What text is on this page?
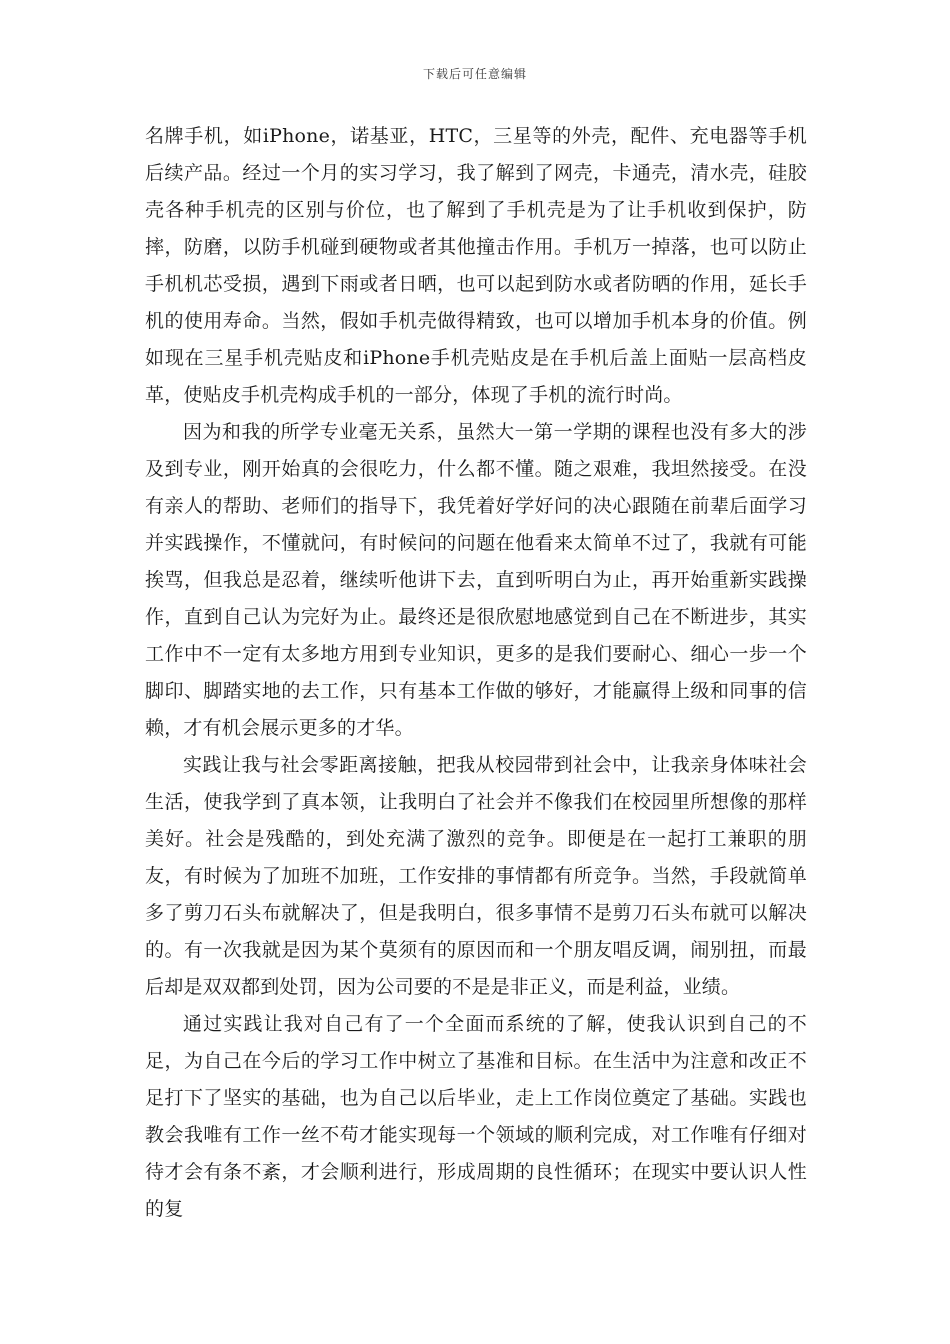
下载后可任意编辑

名牌手机，如iPhone，诺基亚，HTC，三星等的外壳，配件、充电器等手机后续产品。经过一个月的实习学习，我了解到了网壳，卡通壳，清水壳，硅胶壳各种手机壳的区别与价位，也了解到了手机壳是为了让手机收到保护，防摔，防磨，以防手机碰到硬物或者其他撞击作用。手机万一掉落，也可以防止手机机芯受损，遇到下雨或者日晒，也可以起到防水或者防晒的作用，延长手机的使用寿命。当然，假如手机壳做得精致，也可以增加手机本身的价值。例如现在三星手机壳贴皮和iPhone手机壳贴皮是在手机后盖上面贴一层高档皮革，使贴皮手机壳构成手机的一部分，体现了手机的流行时尚。

因为和我的所学专业毫无关系，虽然大一第一学期的课程也没有多大的涉及到专业，刚开始真的会很吃力，什么都不懂。随之艰难，我坦然接受。在没有亲人的帮助、老师们的指导下，我凭着好学好问的决心跟随在前辈后面学习并实践操作，不懂就问，有时候问的问题在他看来太简单不过了，我就有可能挨骂，但我总是忍着，继续听他讲下去，直到听明白为止，再开始重新实践操作，直到自己认为完好为止。最终还是很欣慰地感觉到自己在不断进步，其实工作中不一定有太多地方用到专业知识，更多的是我们要耐心、细心一步一个脚印、脚踏实地的去工作，只有基本工作做的够好，才能赢得上级和同事的信赖，才有机会展示更多的才华。

实践让我与社会零距离接触，把我从校园带到社会中，让我亲身体味社会生活，使我学到了真本领，让我明白了社会并不像我们在校园里所想像的那样美好。社会是残酷的，到处充满了激烈的竞争。即便是在一起打工兼职的朋友，有时候为了加班不加班，工作安排的事情都有所竞争。当然，手段就简单多了剪刀石头布就解决了，但是我明白，很多事情不是剪刀石头布就可以解决的。有一次我就是因为某个莫须有的原因而和一个朋友唱反调，闹别扭，而最后却是双双都到处罚，因为公司要的不是是非正义，而是利益，业绩。

通过实践让我对自己有了一个全面而系统的了解，使我认识到自己的不足，为自己在今后的学习工作中树立了基准和目标。在生活中为注意和改正不足打下了坚实的基础，也为自己以后毕业，走上工作岗位奠定了基础。实践也教会我唯有工作一丝不苟才能实现每一个领域的顺利完成，对工作唯有仔细对待才会有条不紊，才会顺利进行，形成周期的良性循环；在现实中要认识人性的复
